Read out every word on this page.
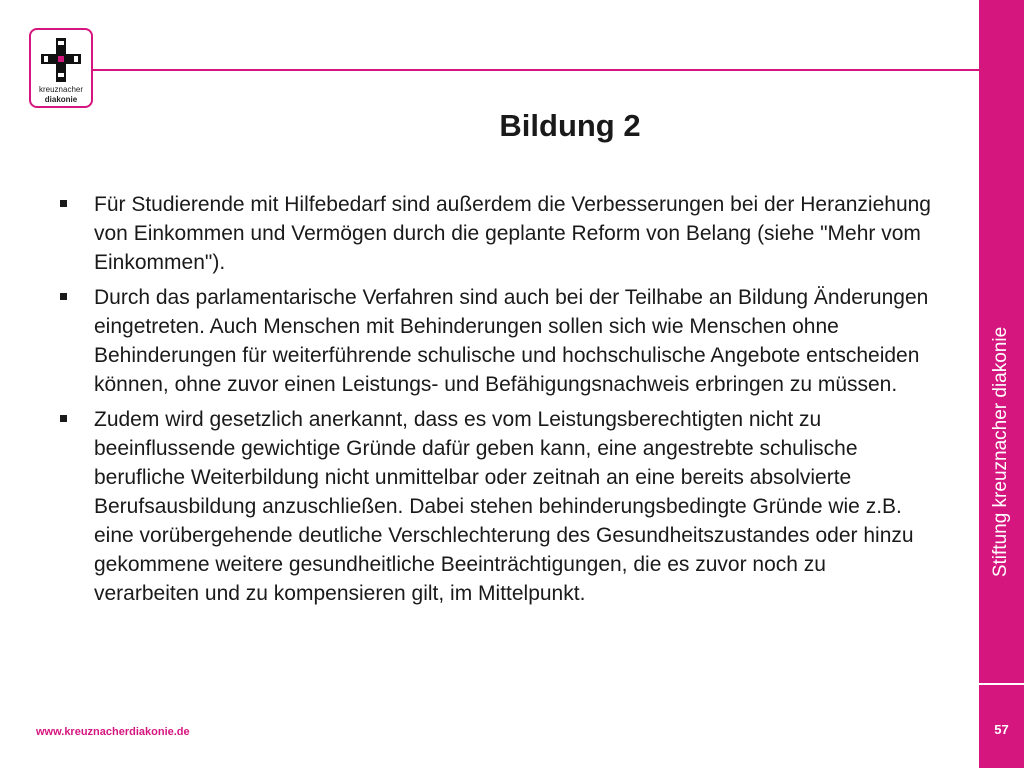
kreuznacher
diakonie
Stiftung kreuznacher diakonie
57
Bildung 2
Für Studierende mit Hilfebedarf sind außerdem die Verbesserungen bei der Heranziehung von Einkommen und Vermögen durch die geplante Reform von Belang (siehe "Mehr vom Einkommen").
Durch das parlamentarische Verfahren sind auch bei der Teilhabe an Bildung Änderungen eingetreten. Auch Menschen mit Behinderungen sollen sich wie Menschen ohne Behinderungen für weiterführende schulische und hochschulische Angebote entscheiden können, ohne zuvor einen Leistungs- und Befähigungsnachweis erbringen zu müssen.
Zudem wird gesetzlich anerkannt, dass es vom Leistungsberechtigten nicht zu beeinflussende gewichtige Gründe dafür geben kann, eine angestrebte schulische berufliche Weiterbildung nicht unmittelbar oder zeitnah an eine bereits absolvierte Berufsausbildung anzuschließen. Dabei stehen behinderungsbedingte Gründe wie z.B. eine vorübergehende deutliche Verschlechterung des Gesundheitszustandes oder hinzu gekommene weitere gesundheitliche Beeinträchtigungen, die es zuvor noch zu verarbeiten und zu kompensieren gilt, im Mittelpunkt.
www.kreuznacherdiakonie.de
